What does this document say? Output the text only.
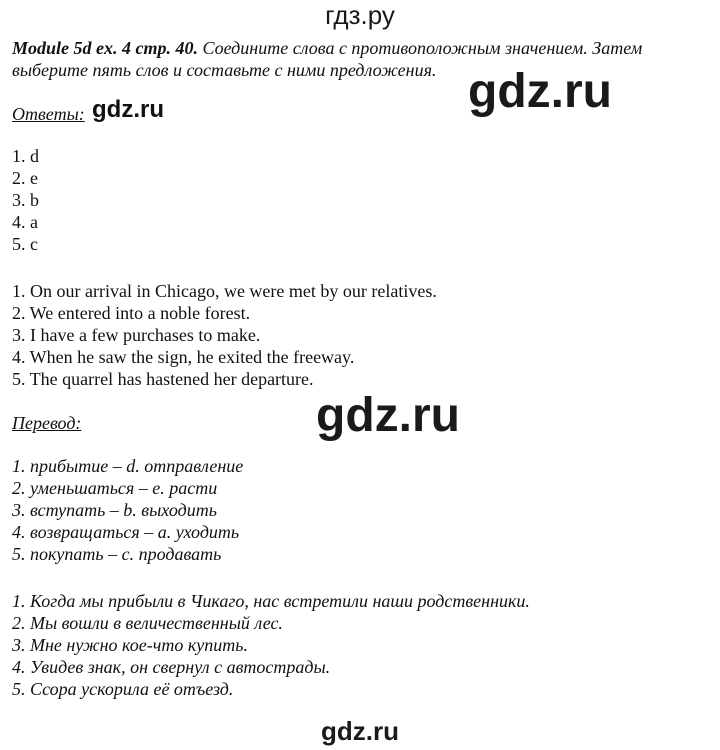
гдз.ру
Module 5d ex. 4 стр. 40. Соедините слова с противоположным значением. Затем выберите пять слов и составьте с ними предложения. gdz.ru
Ответы: gdz.ru
1. d
2. e
3. b
4. a
5. c
1. On our arrival in Chicago, we were met by our relatives.
2. We entered into a noble forest.
3. I have a few purchases to make.
4. When he saw the sign, he exited the freeway.
5. The quarrel has hastened her departure.
Перевод:	gdz.ru
1. прибытие – d. отправление
2. уменьшаться – e. расти
3. вступать – b. выходить
4. возвращаться – a. уходить
5. покупать – c. продавать
1. Когда мы прибыли в Чикаго, нас встретили наши родственники.
2. Мы вошли в величественный лес.
3. Мне нужно кое-что купить.
4. Увидев знак, он свернул с автострады.
5. Ссора ускорила её отъезд.
gdz.ru
